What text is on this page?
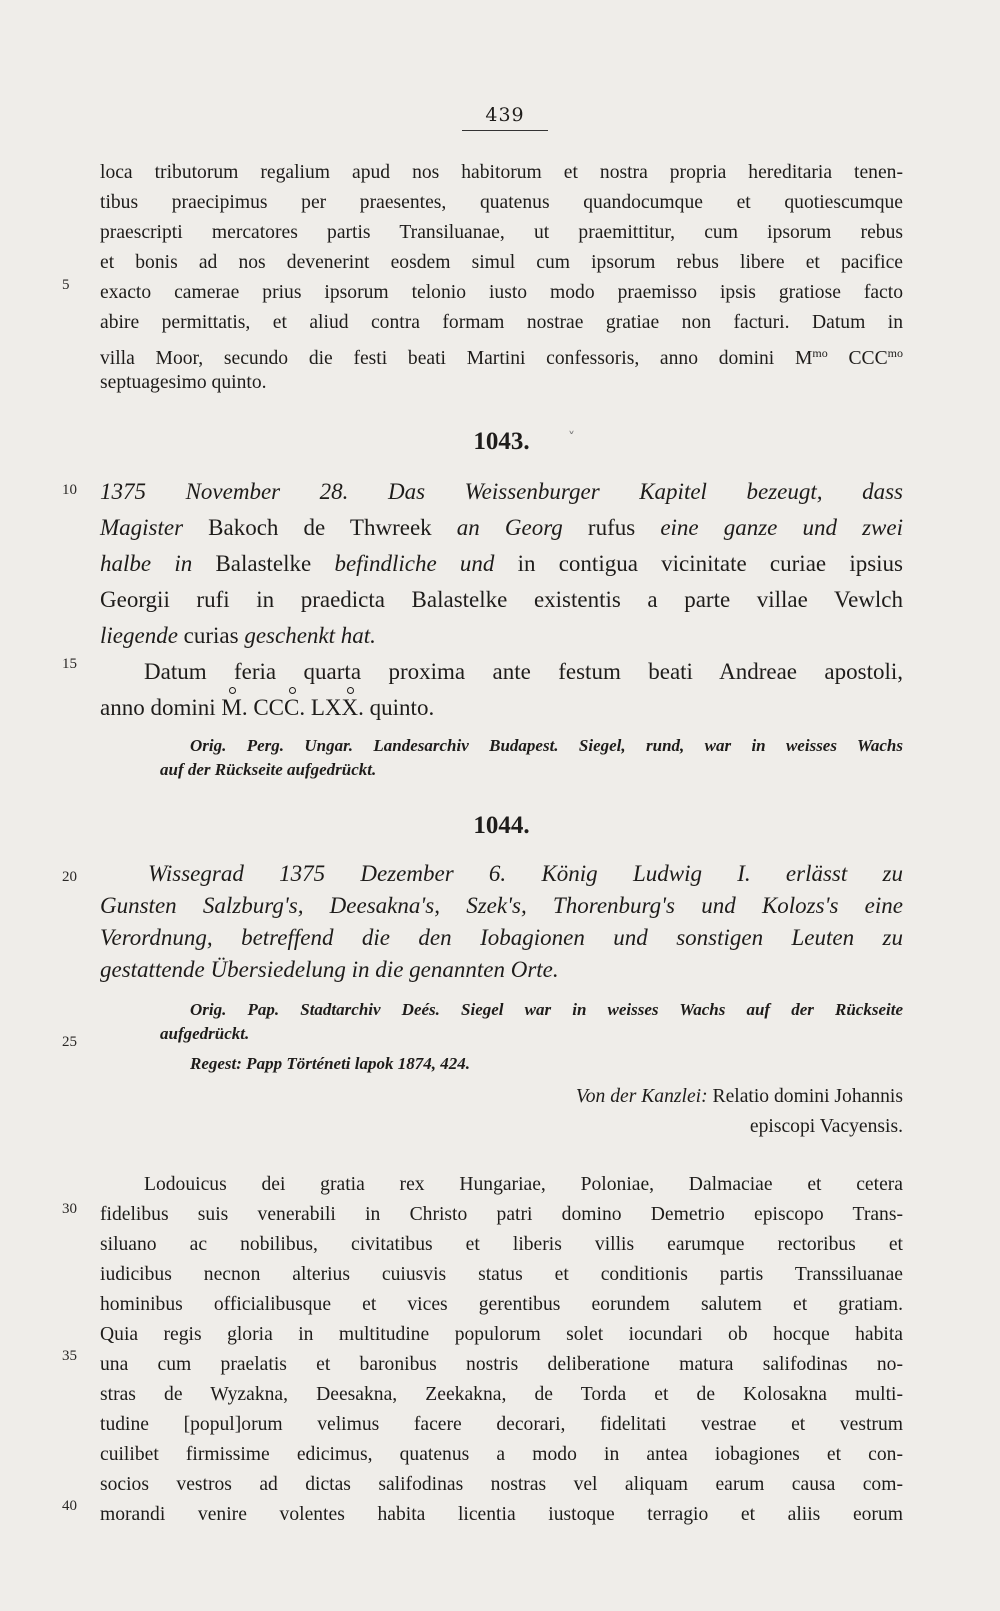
439
5
10
15
20
25
30
35
40
loca tributorum regalium apud nos habitorum et nostra propria hereditaria tenen-
tibus praecipimus per praesentes, quatenus quandocumque et quotiescumque
praescripti mercatores partis Transiluanae, ut praemittitur, cum ipsorum rebus
et bonis ad nos devenerint eosdem simul cum ipsorum rebus libere et pacifice
exacto camerae prius ipsorum telonio iusto modo praemisso ipsis gratiose facto
abire permittatis, et aliud contra formam nostrae gratiae non facturi. Datum in
villa Moor, secundo die festi beati Martini confessoris, anno domini $M^{mo}$ $CCC^{mo}$
septuagesimo quinto.
1043.	˅
1375 November 28. Das Weissenburger Kapitel bezeugt, dass
Magister Bakoch de Thwreek an Georg rufus eine ganze und zwei
halbe in Balastelke befindliche und in contigua vicinitate curiae ipsius
Georgii rufi in praedicta Balastelke existentis a parte villae Vewlch
liegende curias geschenkt hat.
Datum feria quarta proxima ante festum beati Andreae apostoli,
anno domini M. CCC. LXX. quinto.
Orig. Perg. Ungar. Landesarchiv Budapest. Siegel, rund, war in weisses Wachs
auf der Rückseite aufgedrückt.
1044.
Wissegrad 1375 Dezember 6. König Ludwig I. erlässt zu
Gunsten Salzburg's, Deesakna's, Szek's, Thorenburg's und Kolozs's eine
Verordnung, betreffend die den Iobagionen und sonstigen Leuten zu
gestattende Übersiedelung in die genannten Orte.
Orig. Pap. Stadtarchiv Deés. Siegel war in weisses Wachs auf der Rückseite
aufgedrückt.
Regest: Papp Történeti lapok 1874, 424.
Von der Kanzlei: Relatio domini Johannis
episcopi Vacyensis.
Lodouicus dei gratia rex Hungariae, Poloniae, Dalmaciae et cetera
fidelibus suis venerabili in Christo patri domino Demetrio episcopo Trans-
siluano ac nobilibus, civitatibus et liberis villis earumque rectoribus et
iudicibus necnon alterius cuiusvis status et conditionis partis Transsiluanae
hominibus officialibusque et vices gerentibus eorundem salutem et gratiam.
Quia regis gloria in multitudine populorum solet iocundari ob hocque habita
una cum praelatis et baronibus nostris deliberatione matura salifodinas no-
stras de Wyzakna, Deesakna, Zeekakna, de Torda et de Kolosakna multi-
tudine [popul]orum velimus facere decorari, fidelitati vestrae et vestrum
cuilibet firmissime edicimus, quatenus a modo in antea iobagiones et con-
socios vestros ad dictas salifodinas nostras vel aliquam earum causa com-
morandi venire volentes habita licentia iustoque terragio et aliis eorum
